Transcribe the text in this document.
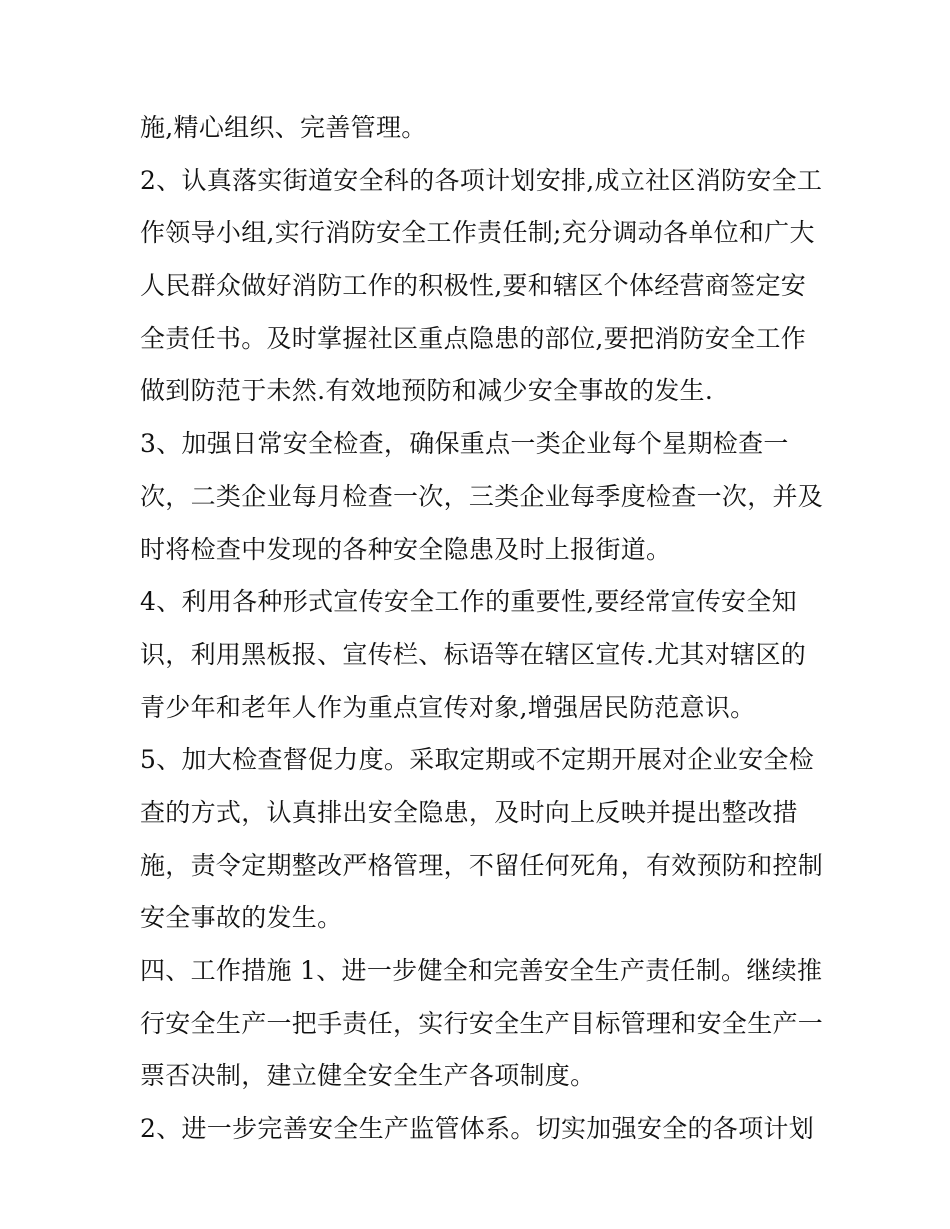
施,精心组织、完善管理。
2、认真落实街道安全科的各项计划安排,成立社区消防安全工
作领导小组,实行消防安全工作责任制;充分调动各单位和广大
人民群众做好消防工作的积极性,要和辖区个体经营商签定安
全责任书。及时掌握社区重点隐患的部位,要把消防安全工作
做到防范于未然.有效地预防和减少安全事故的发生.
3、加强日常安全检查，确保重点一类企业每个星期检查一
次，二类企业每月检查一次，三类企业每季度检查一次，并及
时将检查中发现的各种安全隐患及时上报街道。
4、利用各种形式宣传安全工作的重要性,要经常宣传安全知
识，利用黑板报、宣传栏、标语等在辖区宣传.尤其对辖区的
青少年和老年人作为重点宣传对象,增强居民防范意识。
5、加大检查督促力度。采取定期或不定期开展对企业安全检
查的方式，认真排出安全隐患，及时向上反映并提出整改措
施，责令定期整改严格管理，不留任何死角，有效预防和控制
安全事故的发生。
四、工作措施 1、进一步健全和完善安全生产责任制。继续推
行安全生产一把手责任，实行安全生产目标管理和安全生产一
票否决制，建立健全安全生产各项制度。
2、进一步完善安全生产监管体系。切实加强安全的各项计划
